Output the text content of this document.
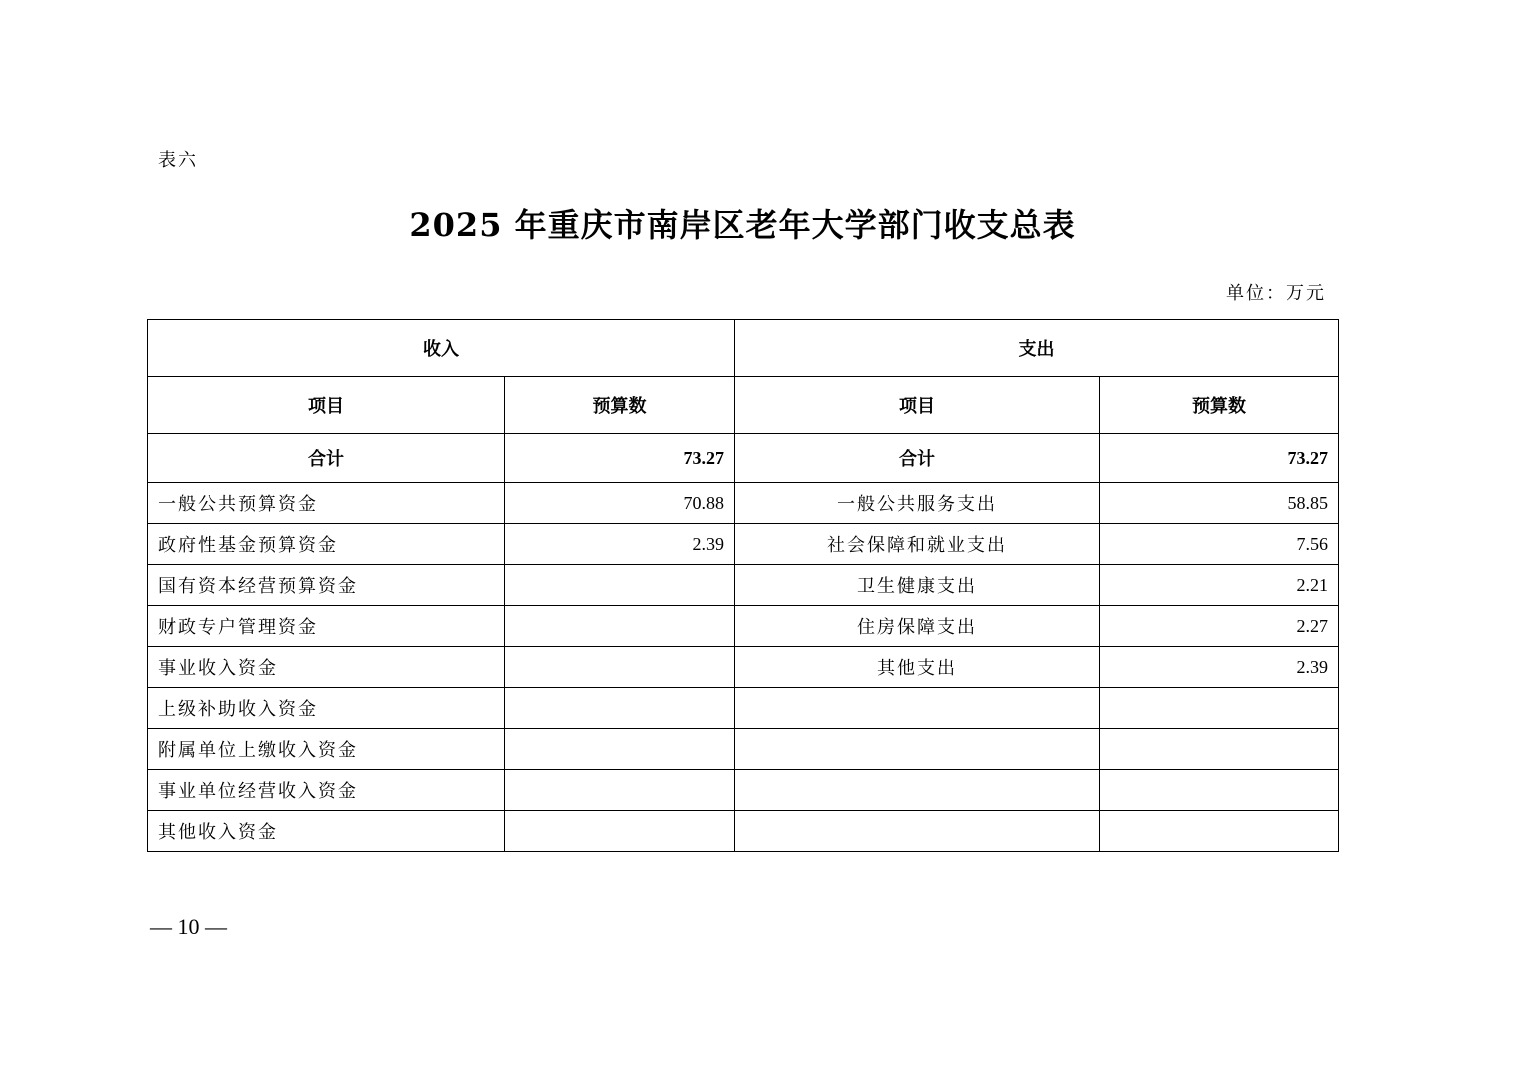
表六
2025 年重庆市南岸区老年大学部门收支总表
单位：万元
收入		支出	
项目	预算数	项目	预算数
合计	73.27	合计	73.27
一般公共预算资金	70.88	一般公共服务支出	58.85
政府性基金预算资金	2.39	社会保障和就业支出	7.56
国有资本经营预算资金		卫生健康支出	2.21
财政专户管理资金		住房保障支出	2.27
事业收入资金		其他支出	2.39
上级补助收入资金			
附属单位上缴收入资金			
事业单位经营收入资金			
其他收入资金			
— 10 —
